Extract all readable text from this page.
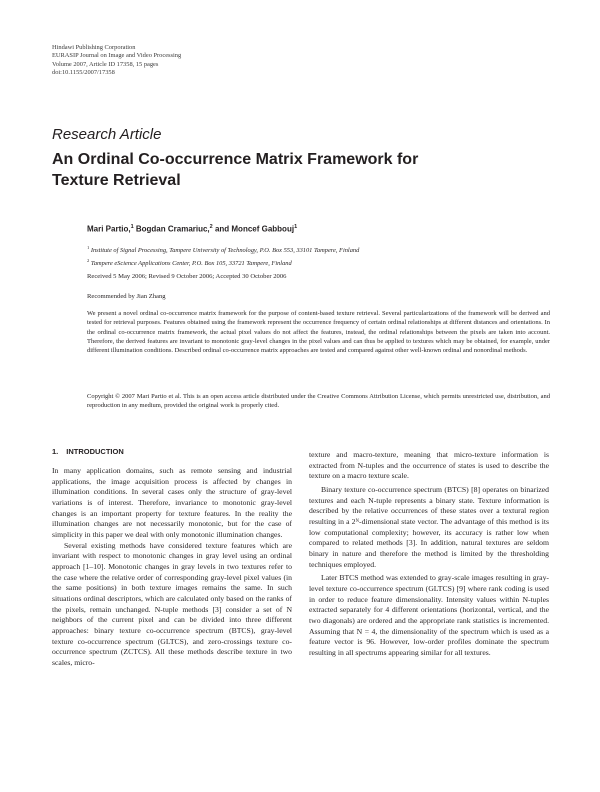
Hindawi Publishing Corporation
EURASIP Journal on Image and Video Processing
Volume 2007, Article ID 17358, 15 pages
doi:10.1155/2007/17358
Research Article
An Ordinal Co-occurrence Matrix Framework for Texture Retrieval
Mari Partio,$^1$ Bogdan Cramariuc,$^2$ and Moncef Gabbouj$^1$
$^1$ Institute of Signal Processing, Tampere University of Technology, P.O. Box 553, 33101 Tampere, Finland
$^2$ Tampere eScience Applications Center, P.O. Box 105, 33721 Tampere, Finland
Received 5 May 2006; Revised 9 October 2006; Accepted 30 October 2006
Recommended by Jian Zhang
We present a novel ordinal co-occurrence matrix framework for the purpose of content-based texture retrieval. Several particularizations of the framework will be derived and tested for retrieval purposes. Features obtained using the framework represent the occurrence frequency of certain ordinal relationships at different distances and orientations. In the ordinal co-occurrence matrix framework, the actual pixel values do not affect the features, instead, the ordinal relationships between the pixels are taken into account. Therefore, the derived features are invariant to monotonic gray-level changes in the pixel values and can thus be applied to textures which may be obtained, for example, under different illumination conditions. Described ordinal co-occurrence matrix approaches are tested and compared against other well-known ordinal and nonordinal methods.
Copyright © 2007 Mari Partio et al. This is an open access article distributed under the Creative Commons Attribution License, which permits unrestricted use, distribution, and reproduction in any medium, provided the original work is properly cited.
1. INTRODUCTION

In many application domains, such as remote sensing and industrial applications, the image acquisition process is affected by changes in illumination conditions. In several cases only the structure of gray-level variations is of interest. Therefore, invariance to monotonic gray-level changes is an important property for texture features. In the reality the illumination changes are not necessarily monotonic, but for the case of simplicity in this paper we deal with only monotonic illumination changes.

Several existing methods have considered texture features which are invariant with respect to monotonic changes in gray level using an ordinal approach [1–10]. Monotonic changes in gray levels in two textures refer to the case where the relative order of corresponding gray-level pixel values (in the same positions) in both texture images remains the same. In such situations ordinal descriptors, which are calculated only based on the ranks of the pixels, remain unchanged. N-tuple methods [3] consider a set of N neighbors of the current pixel and can be divided into three different approaches: binary texture co-occurrence spectrum (BTCS), gray-level texture co-occurrence spectrum (GLTCS), and zero-crossings texture co-occurrence spectrum (ZCTCS). All these methods describe texture in two scales, micro-

texture and macro-texture, meaning that micro-texture information is extracted from N-tuples and the occurrence of states is used to describe the texture on a macro texture scale.

Binary texture co-occurrence spectrum (BTCS) [8] operates on binarized textures and each N-tuple represents a binary state. Texture information is described by the relative occurrences of these states over a textural region resulting in a 2ᴺ-dimensional state vector. The advantage of this method is its low computational complexity; however, its accuracy is rather low when compared to related methods [3]. In addition, natural textures are seldom binary in nature and therefore the method is limited by the thresholding techniques employed.

Later BTCS method was extended to gray-scale images resulting in gray-level texture co-occurrence spectrum (GLTCS) [9] where rank coding is used in order to reduce feature dimensionality. Intensity values within N-tuples extracted separately for 4 different orientations (horizontal, vertical, and the two diagonals) are ordered and the appropriate rank statistics is incremented. Assuming that N = 4, the dimensionality of the spectrum which is used as a feature vector is 96. However, low-order profiles dominate the spectrum resulting in all spectrums appearing similar for all textures.
